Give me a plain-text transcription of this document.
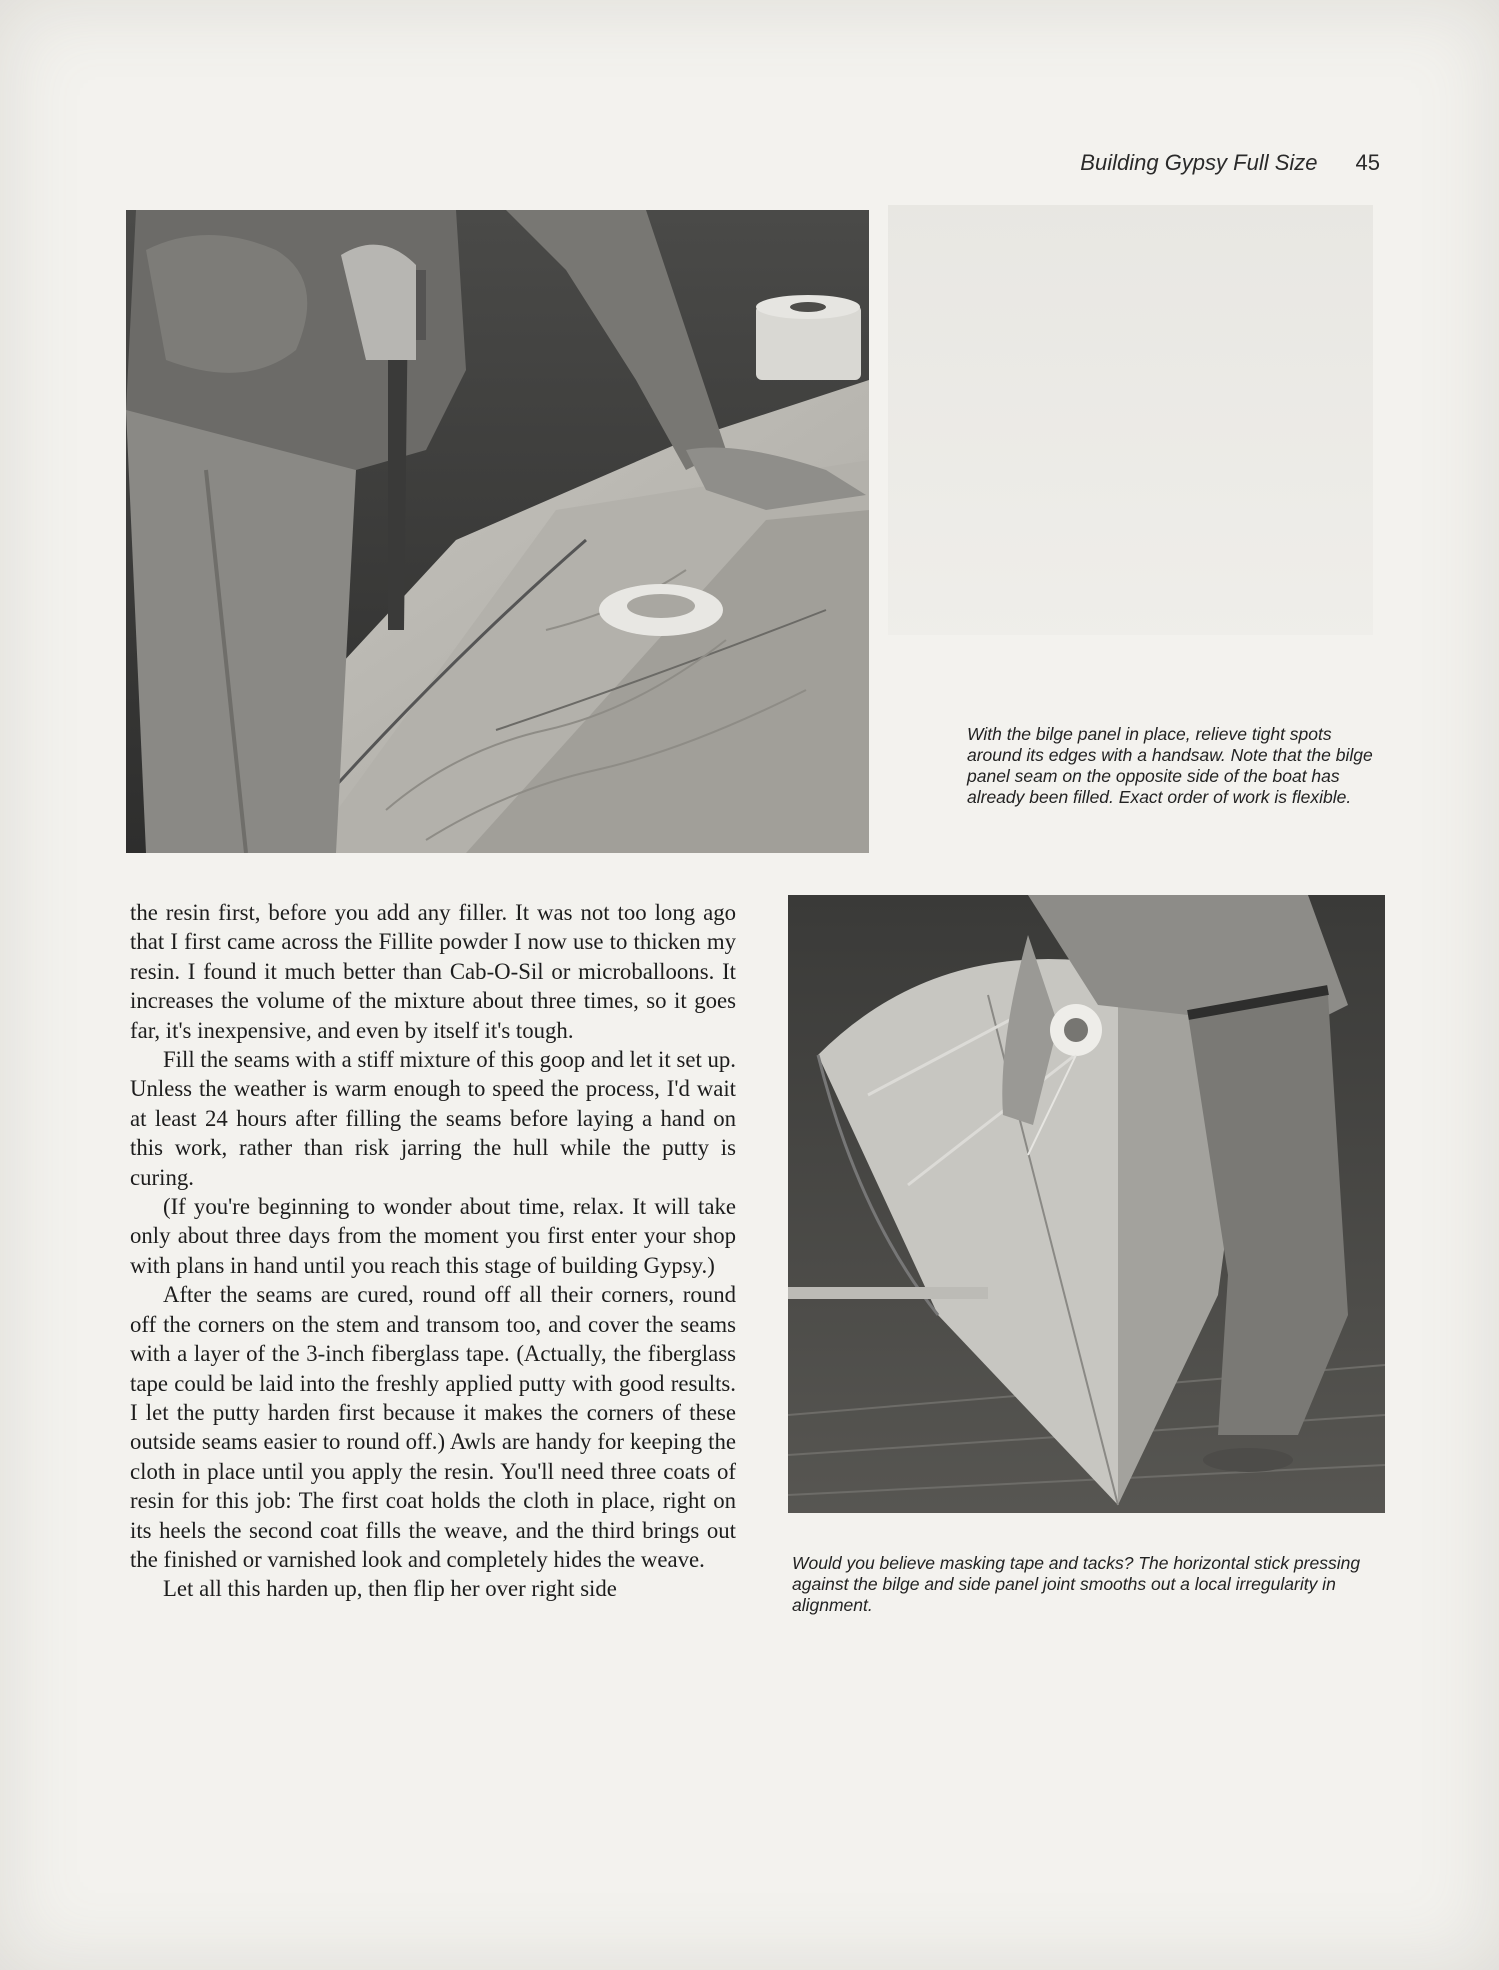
Building Gypsy Full Size 45

With the bilge panel in place, relieve tight spots around its edges with a handsaw. Note that the bilge panel seam on the opposite side of the boat has already been filled. Exact order of work is flexible.

Would you believe masking tape and tacks? The horizontal stick pressing against the bilge and side panel joint smooths out a local irregularity in alignment.

the resin first, before you add any filler. It was not too long ago that I first came across the Fillite powder I now use to thicken my resin. I found it much better than Cab-O-Sil or microballoons. It increases the volume of the mixture about three times, so it goes far, it's inexpensive, and even by itself it's tough.

Fill the seams with a stiff mixture of this goop and let it set up. Unless the weather is warm enough to speed the process, I'd wait at least 24 hours after filling the seams before laying a hand on this work, rather than risk jarring the hull while the putty is curing.

(If you're beginning to wonder about time, relax. It will take only about three days from the moment you first enter your shop with plans in hand until you reach this stage of building Gypsy.)

After the seams are cured, round off all their corners, round off the corners on the stem and transom too, and cover the seams with a layer of the 3-inch fiberglass tape. (Actually, the fiberglass tape could be laid into the freshly applied putty with good results. I let the putty harden first because it makes the corners of these outside seams easier to round off.) Awls are handy for keeping the cloth in place until you apply the resin. You'll need three coats of resin for this job: The first coat holds the cloth in place, right on its heels the second coat fills the weave, and the third brings out the finished or varnished look and completely hides the weave.

Let all this harden up, then flip her over right side
